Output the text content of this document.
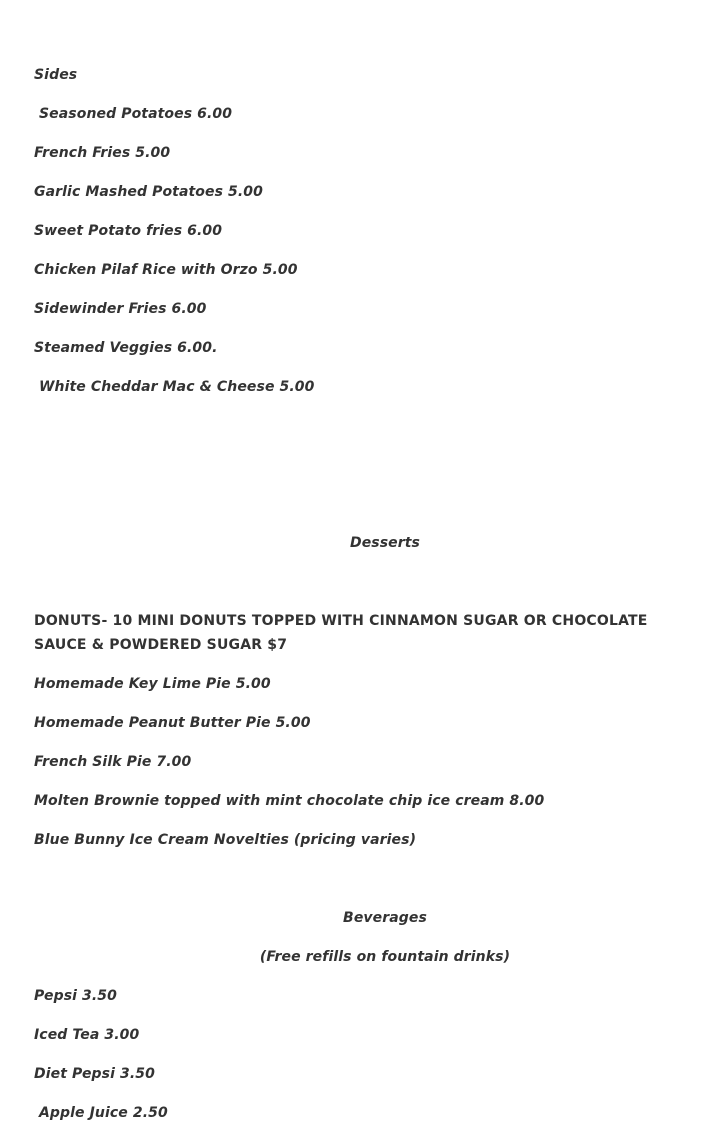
Sides

Seasoned Potatoes 6.00

French Fries 5.00

Garlic Mashed Potatoes 5.00

Sweet Potato fries 6.00

Chicken Pilaf Rice with Orzo 5.00

Sidewinder Fries 6.00

Steamed Veggies 6.00.

White Cheddar Mac & Cheese 5.00

Desserts

DONUTS- 10 MINI DONUTS TOPPED WITH CINNAMON SUGAR OR CHOCOLATE SAUCE & POWDERED SUGAR $7

Homemade Key Lime Pie 5.00

Homemade Peanut Butter Pie 5.00

French Silk Pie 7.00

Molten Brownie topped with mint chocolate chip ice cream 8.00

Blue Bunny Ice Cream Novelties (pricing varies)

Beverages

(Free refills on fountain drinks)

Pepsi 3.50

Iced Tea 3.00

Diet Pepsi 3.50

Apple Juice 2.50
